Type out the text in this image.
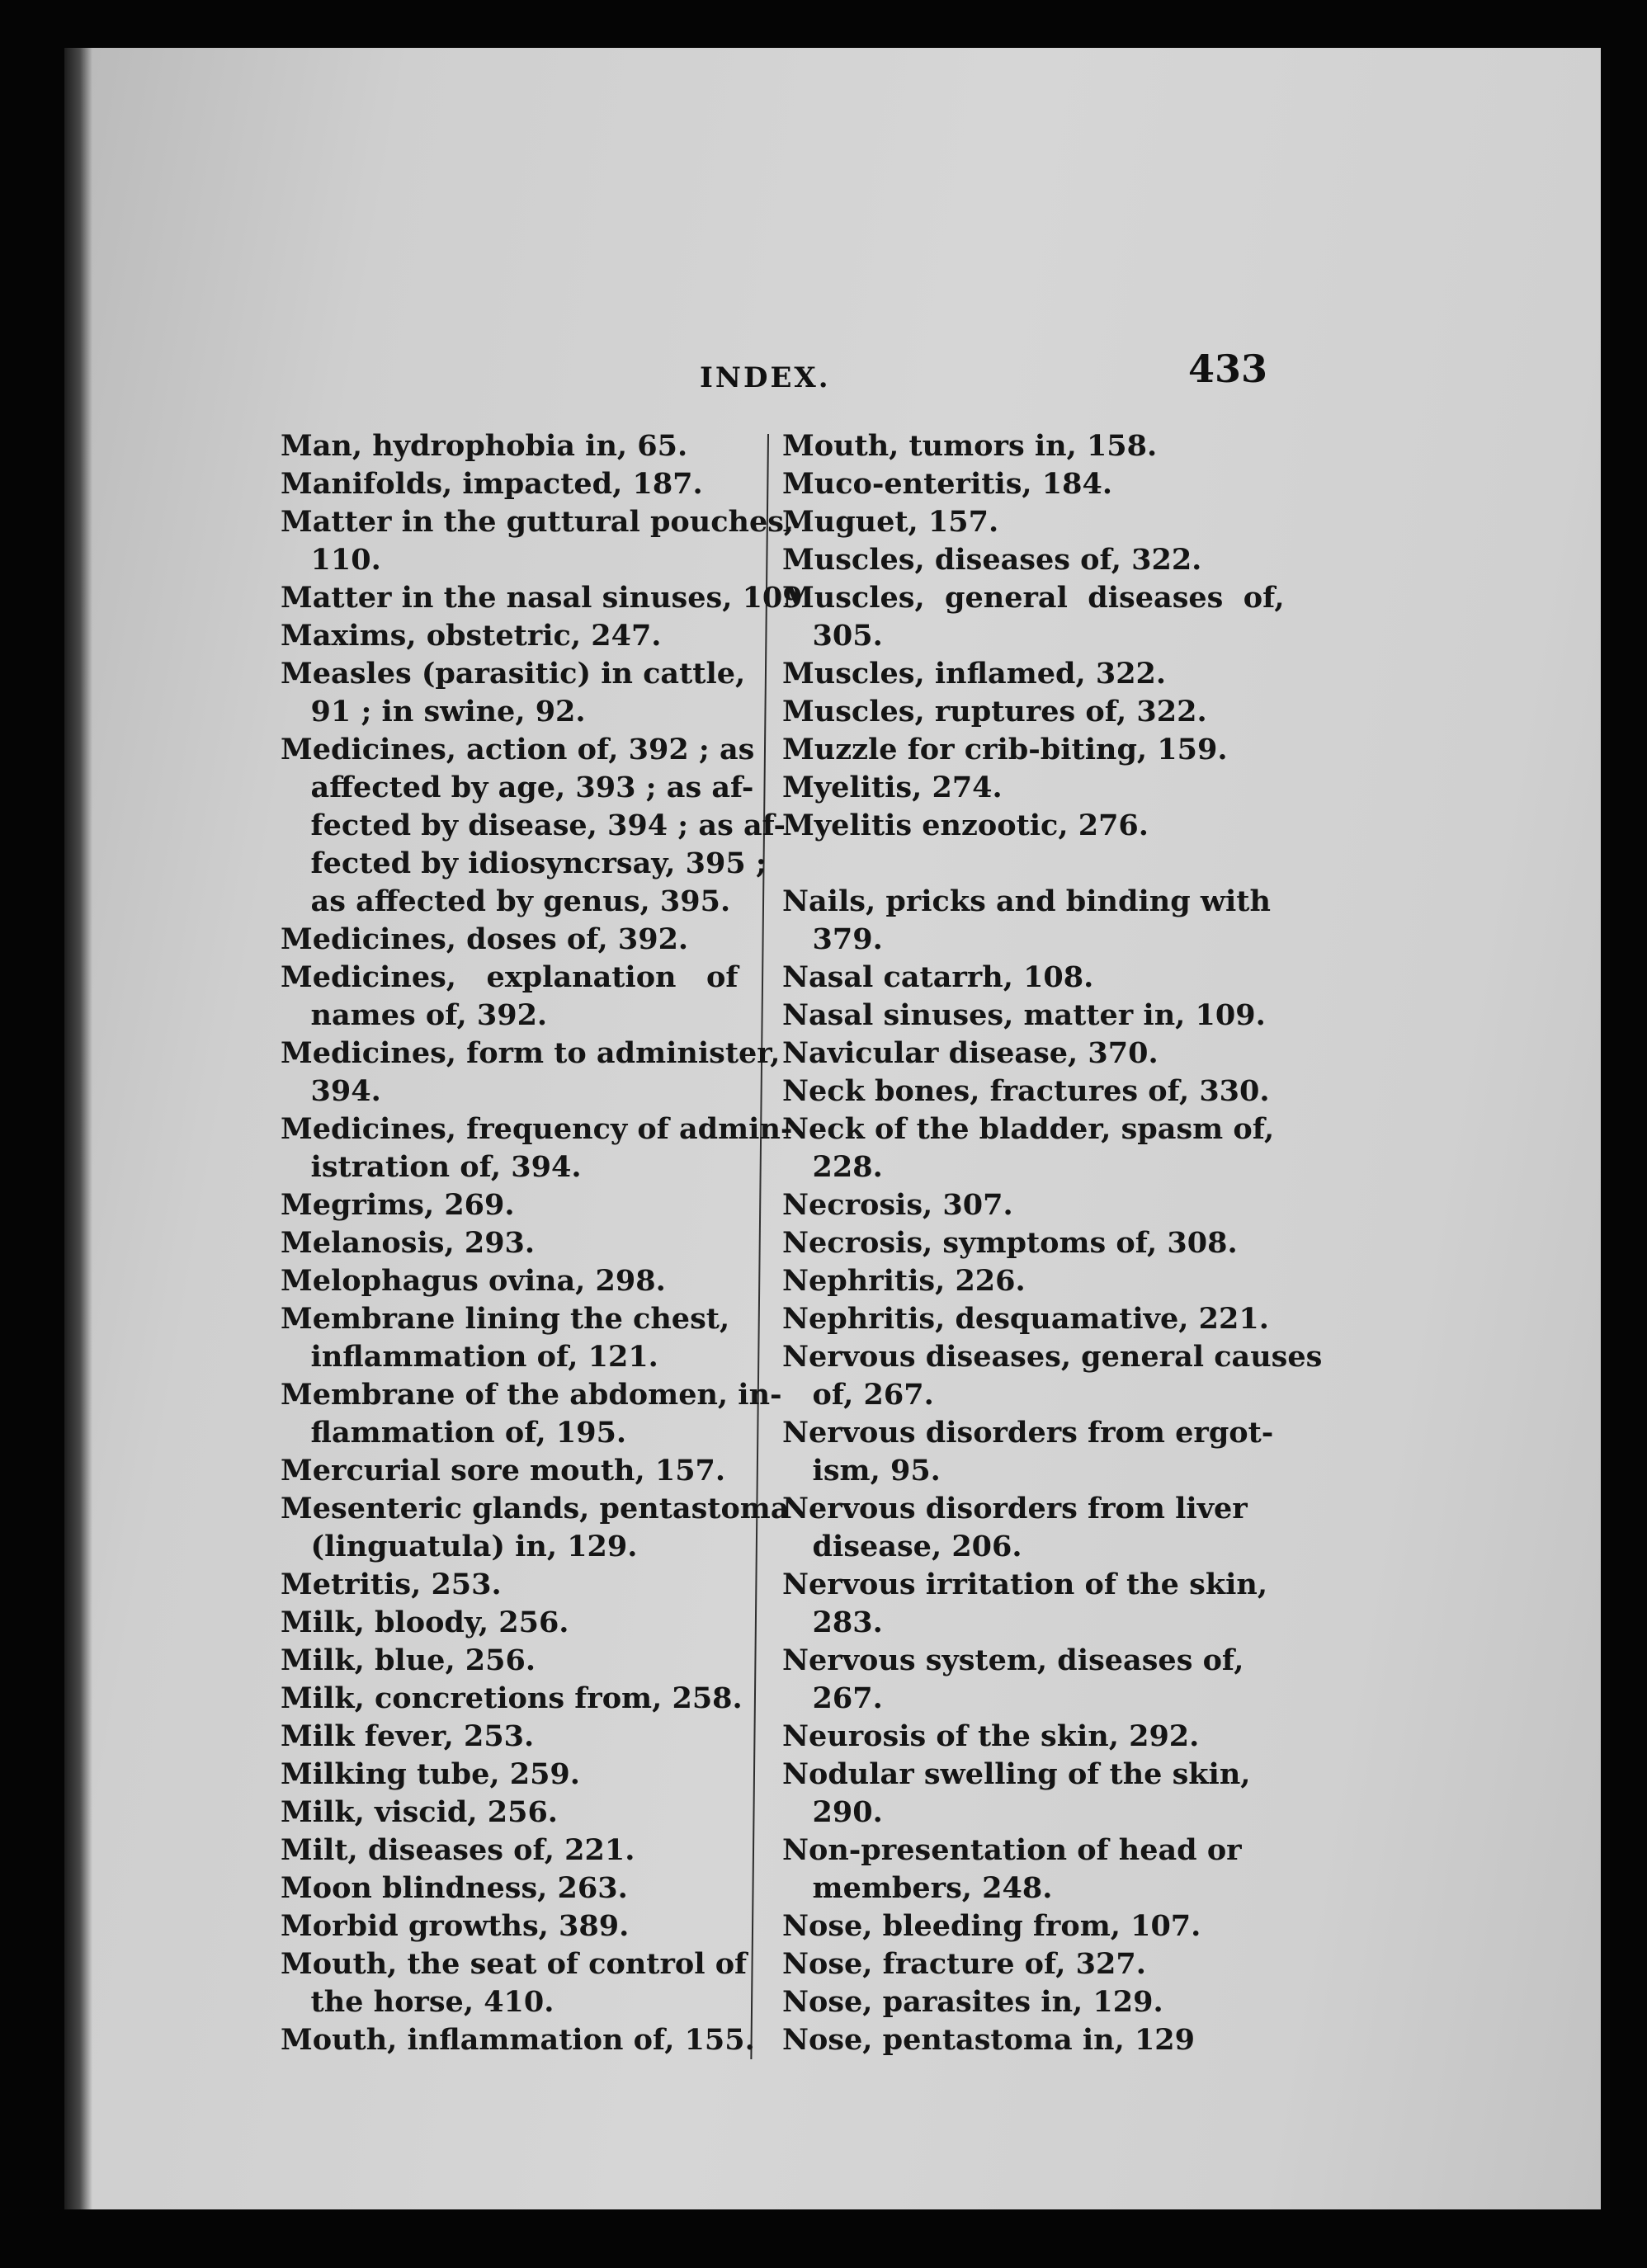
INDEX.	433
Man, hydrophobia in, 65.
Manifolds, impacted, 187.
Matter in the guttural pouches,
110.
Matter in the nasal sinuses, 109
Maxims, obstetric, 247.
Measles (parasitic) in cattle,
91 ; in swine, 92.
Medicines, action of, 392 ; as
affected by age, 393 ; as af-
fected by disease, 394 ; as af-
fected by idiosyncrsay, 395 ;
as affected by genus, 395.
Medicines, doses of, 392.
Medicines,   explanation   of
names of, 392.
Medicines, form to administer,
394.
Medicines, frequency of admin-
istration of, 394.
Megrims, 269.
Melanosis, 293.
Melophagus ovina, 298.
Membrane lining the chest,
inflammation of, 121.
Membrane of the abdomen, in-
flammation of, 195.
Mercurial sore mouth, 157.
Mesenteric glands, pentastoma
(linguatula) in, 129.
Metritis, 253.
Milk, bloody, 256.
Milk, blue, 256.
Milk, concretions from, 258.
Milk fever, 253.
Milking tube, 259.
Milk, viscid, 256.
Milt, diseases of, 221.
Moon blindness, 263.
Morbid growths, 389.
Mouth, the seat of control of
the horse, 410.
Mouth, inflammation of, 155.
Mouth, tumors in, 158.
Muco-enteritis, 184.
Muguet, 157.
Muscles, diseases of, 322.
Muscles,  general  diseases  of,
305.
Muscles, inflamed, 322.
Muscles, ruptures of, 322.
Muzzle for crib-biting, 159.
Myelitis, 274.
Myelitis enzootic, 276.
Nails, pricks and binding with
379.
Nasal catarrh, 108.
Nasal sinuses, matter in, 109.
Navicular disease, 370.
Neck bones, fractures of, 330.
Neck of the bladder, spasm of,
228.
Necrosis, 307.
Necrosis, symptoms of, 308.
Nephritis, 226.
Nephritis, desquamative, 221.
Nervous diseases, general causes
of, 267.
Nervous disorders from ergot-
ism, 95.
Nervous disorders from liver
disease, 206.
Nervous irritation of the skin,
283.
Nervous system, diseases of,
267.
Neurosis of the skin, 292.
Nodular swelling of the skin,
290.
Non-presentation of head or
members, 248.
Nose, bleeding from, 107.
Nose, fracture of, 327.
Nose, parasites in, 129.
Nose, pentastoma in, 129
